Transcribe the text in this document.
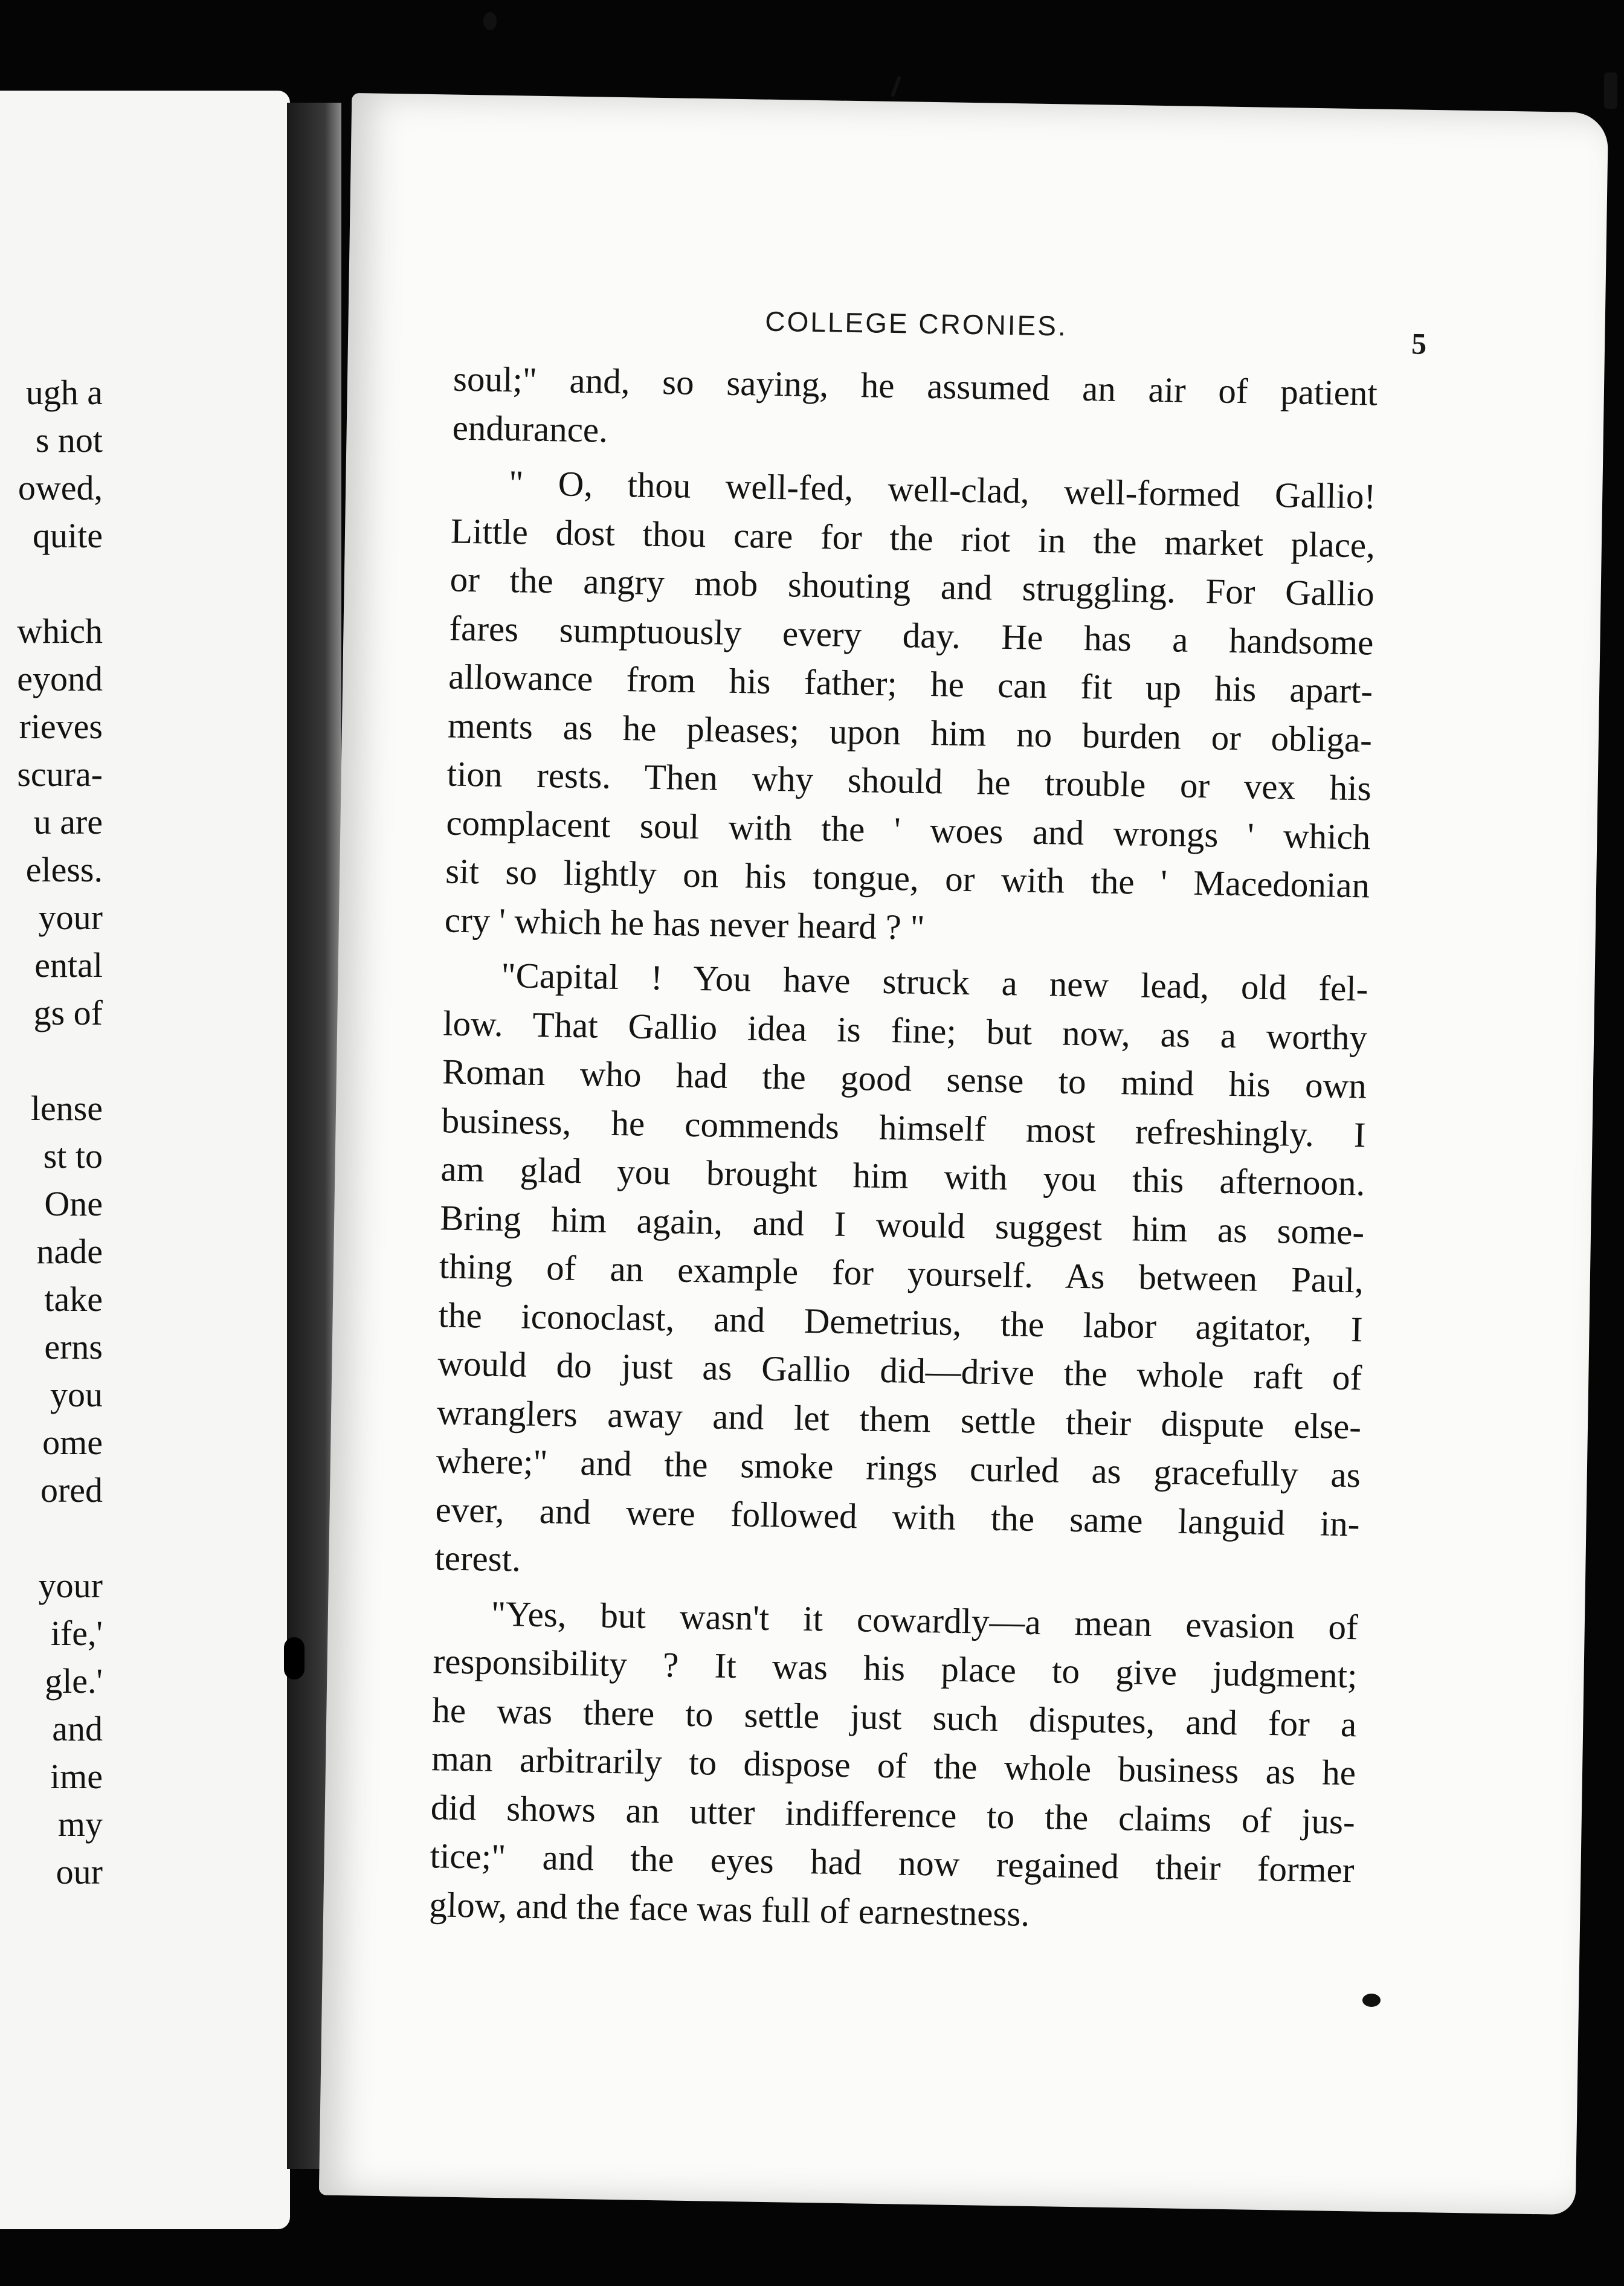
ugh a
s not
owed,
quite
which
eyond
rieves
scura-
u are
eless.
your
ental
gs of
lense
st to
One
nade
take
erns
you
ome
ored
your
ife,'
gle.'
and
ime
my
our
COLLEGE CRONIES.
5
soul;" and, so saying, he assumed an air of patient
endurance.
" O, thou well-fed, well-clad, well-formed Gallio!
Little dost thou care for the riot in the market place,
or the angry mob shouting and struggling. For Gallio
fares sumptuously every day. He has a handsome
allowance from his father; he can fit up his apart-
ments as he pleases; upon him no burden or obliga-
tion rests. Then why should he trouble or vex his
complacent soul with the ' woes and wrongs ' which
sit so lightly on his tongue, or with the ' Macedonian
cry ' which he has never heard ? "
"Capital ! You have struck a new lead, old fel-
low. That Gallio idea is fine; but now, as a worthy
Roman who had the good sense to mind his own
business, he commends himself most refreshingly. I
am glad you brought him with you this afternoon.
Bring him again, and I would suggest him as some-
thing of an example for yourself. As between Paul,
the iconoclast, and Demetrius, the labor agitator, I
would do just as Gallio did—drive the whole raft of
wranglers away and let them settle their dispute else-
where;" and the smoke rings curled as gracefully as
ever, and were followed with the same languid in-
terest.
"Yes, but wasn't it cowardly—a mean evasion of
responsibility ? It was his place to give judgment;
he was there to settle just such disputes, and for a
man arbitrarily to dispose of the whole business as he
did shows an utter indifference to the claims of jus-
tice;" and the eyes had now regained their former
glow, and the face was full of earnestness.
